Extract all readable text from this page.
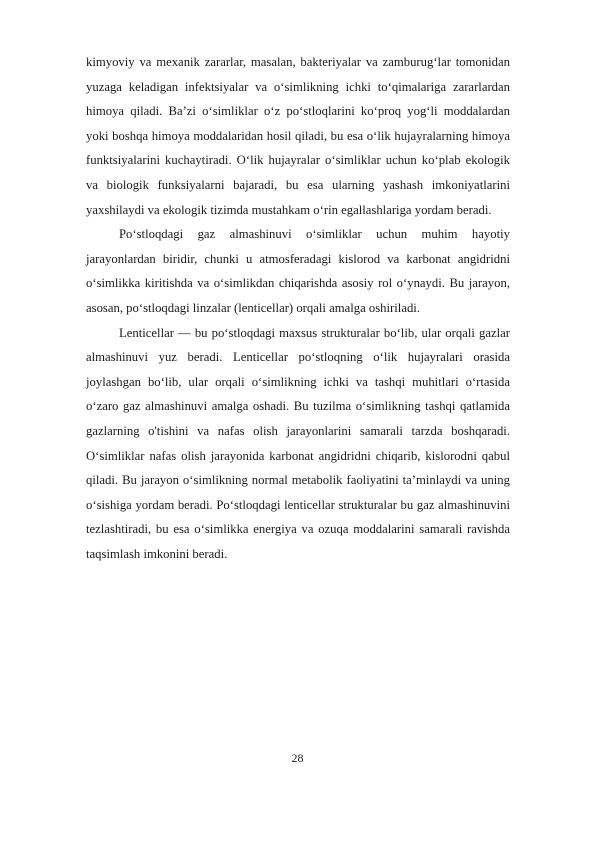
kimyoviy va mexanik zararlar, masalan, bakteriyalar va zamburug‘lar tomonidan yuzaga keladigan infektsiyalar va o‘simlikning ichki to‘qimalariga zararlardan himoya qiladi. Ba’zi o‘simliklar o‘z po‘stloqlarini ko‘proq yog‘li moddalardan yoki boshqa himoya moddalaridan hosil qiladi, bu esa o‘lik hujayralarning himoya funktsiyalarini kuchaytiradi. O‘lik hujayralar o‘simliklar uchun ko‘plab ekologik va biologik funksiyalarni bajaradi, bu esa ularning yashash imkoniyatlarini yaxshilaydi va ekologik tizimda mustahkam o‘rin egallashlariga yordam beradi.

Po‘stloqdagi gaz almashinuvi o‘simliklar uchun muhim hayotiy jarayonlardan biridir, chunki u atmosferadagi kislorod va karbonat angidridni o‘simlikka kiritishda va o‘simlikdan chiqarishda asosiy rol o‘ynaydi. Bu jarayon, asosan, po‘stloqdagi linzalar (lenticellar) orqali amalga oshiriladi.

Lenticellar — bu po‘stloqdagi maxsus strukturalar bo‘lib, ular orqali gazlar almashinuvi yuz beradi. Lenticellar po‘stloqning o‘lik hujayralari orasida joylashgan bo‘lib, ular orqali o‘simlikning ichki va tashqi muhitlari o‘rtasida o‘zaro gaz almashinuvi amalga oshadi. Bu tuzilma o‘simlikning tashqi qatlamida gazlarning o'tishini va nafas olish jarayonlarini samarali tarzda boshqaradi. O‘simliklar nafas olish jarayonida karbonat angidridni chiqarib, kislorodni qabul qiladi. Bu jarayon o‘simlikning normal metabolik faoliyatini ta’minlaydi va uning o‘sishiga yordam beradi. Po‘stloqdagi lenticellar strukturalar bu gaz almashinuvini tezlashtiradi, bu esa o‘simlikka energiya va ozuqa moddalarini samarali ravishda taqsimlash imkonini beradi.

28
